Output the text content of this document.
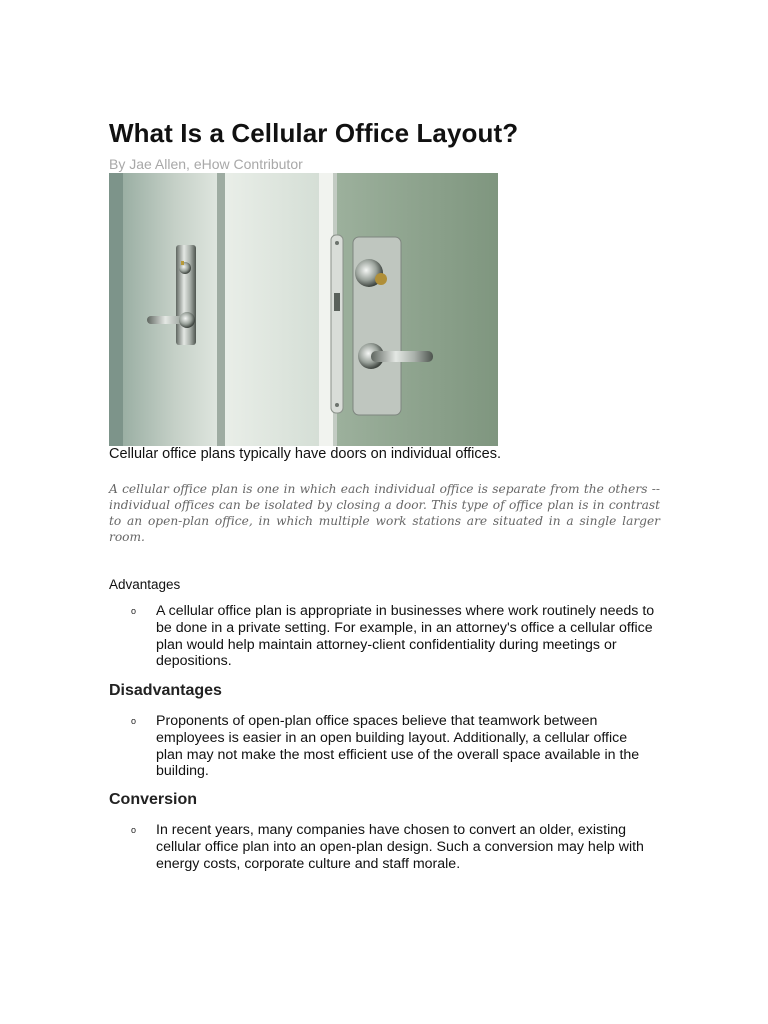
What Is a Cellular Office Layout?
By Jae Allen, eHow Contributor
Cellular office plans typically have doors on individual offices.

A cellular office plan is one in which each individual office is separate from the others -- individual offices can be isolated by closing a door. This type of office plan is in contrast to an open-plan office, in which multiple work stations are situated in a single larger room.

Advantages
o A cellular office plan is appropriate in businesses where work routinely needs to be done in a private setting. For example, in an attorney's office a cellular office plan would help maintain attorney-client confidentiality during meetings or depositions.

Disadvantages
o Proponents of open-plan office spaces believe that teamwork between employees is easier in an open building layout. Additionally, a cellular office plan may not make the most efficient use of the overall space available in the building.

Conversion
o In recent years, many companies have chosen to convert an older, existing cellular office plan into an open-plan design. Such a conversion may help with energy costs, corporate culture and staff morale.
